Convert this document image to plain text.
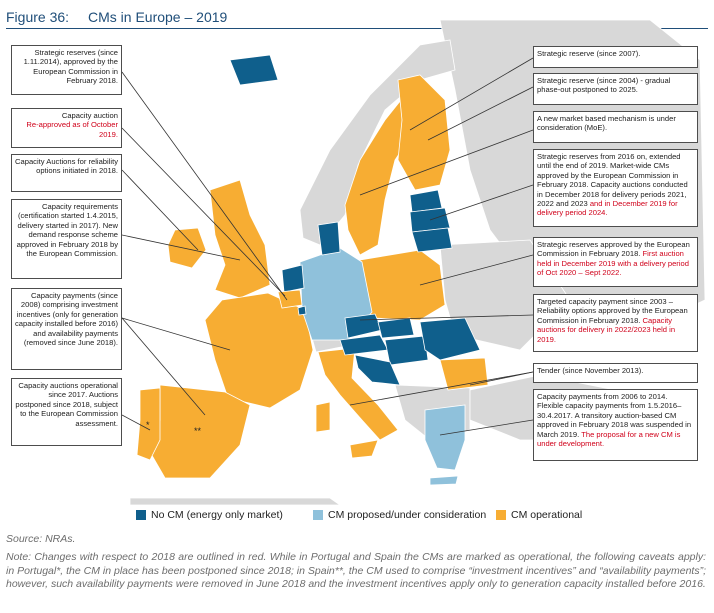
Figure 36: CMs in Europe – 2019
*
**
Strategic reserves (since 1.11.2014), approved by the European Commission in February 2018.
Capacity auction
Re-approved as of October 2019.
Capacity Auctions for reliability options initiated in 2018.
Capacity requirements (certification started 1.4.2015, delivery started in 2017). New demand response scheme approved in February 2018 by the European Commission.
Capacity payments (since 2008) comprising investment incentives (only for generation capacity installed before 2016) and availability payments (removed since June 2018).
Capacity auctions operational since 2017. Auctions postponed since 2018, subject to the European Commission assessment.
Strategic reserve (since 2007).
Strategic reserve (since 2004) - gradual phase-out postponed to 2025.
A new market based mechanism is under consideration (MoE).
Strategic reserves from 2016 on, extended until the end of 2019. Market-wide CMs approved by the European Commission in February 2018. Capacity auctions conducted in December 2018 for delivery periods 2021, 2022 and 2023 and in December 2019 for delivery period 2024.
Strategic reserves approved by the European Commission in February 2018. First auction held in December 2019 with a delivery period of Oct 2020 – Sept 2022.
Targeted capacity payment since 2003 –Reliability options approved by the European Commission in February 2018. Capacity auctions for delivery in 2022/2023 held in 2019.
Tender (since November 2013).
Capacity payments from 2006 to 2014. Flexible capacity payments from 1.5.2016–30.4.2017. A transitory auction-based CM approved in February 2018 was suspended in March 2019. The proposal for a new CM is under development.
No CM (energy only market)	CM proposed/under consideration CM operational
Source: NRAs.
Note: Changes with respect to 2018 are outlined in red. While in Portugal and Spain the CMs are marked as operational, the following caveats apply: in Portugal*, the CM in place has been postponed since 2018; in Spain**, the CM used to comprise “investment incentives” and “availability payments”; however, such availability payments were removed in June 2018 and the investment incentives apply only to generation capacity installed before 2016.
